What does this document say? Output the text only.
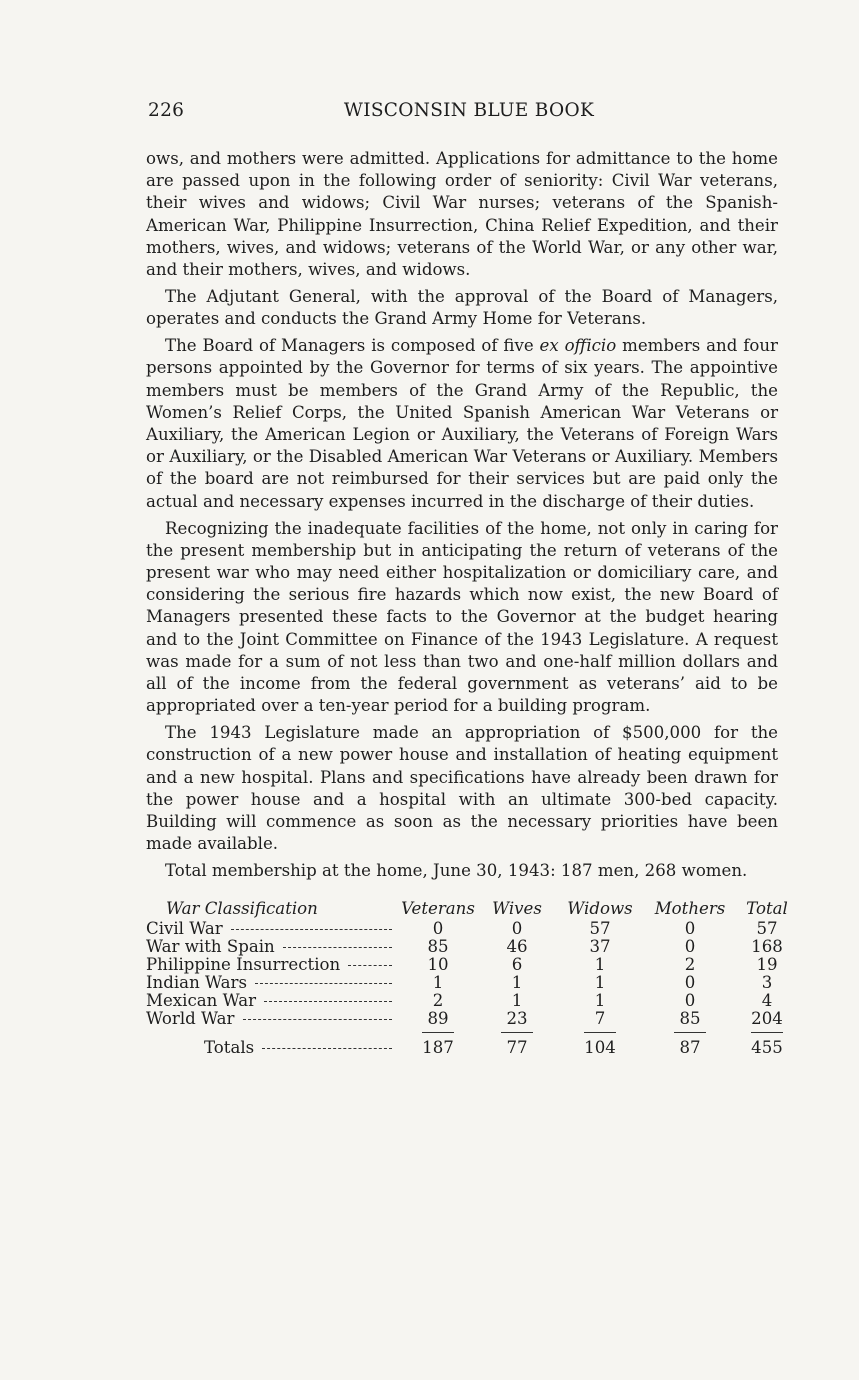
226	WISCONSIN BLUE BOOK

ows, and mothers were admitted. Applications for admittance to the home are passed upon in the following order of seniority: Civil War veterans, their wives and widows; Civil War nurses; veterans of the Spanish-American War, Philippine Insurrection, China Relief Expedition, and their mothers, wives, and widows; veterans of the World War, or any other war, and their mothers, wives, and widows.

The Adjutant General, with the approval of the Board of Managers, operates and conducts the Grand Army Home for Veterans.

The Board of Managers is composed of five ex officio members and four persons appointed by the Governor for terms of six years. The appointive members must be members of the Grand Army of the Republic, the Women’s Relief Corps, the United Spanish American War Veterans or Auxiliary, the American Legion or Auxiliary, the Veterans of Foreign Wars or Auxiliary, or the Disabled American War Veterans or Auxiliary. Members of the board are not reimbursed for their services but are paid only the actual and necessary expenses incurred in the discharge of their duties.

Recognizing the inadequate facilities of the home, not only in caring for the present membership but in anticipating the return of veterans of the present war who may need either hospitalization or domiciliary care, and considering the serious fire hazards which now exist, the new Board of Managers presented these facts to the Governor at the budget hearing and to the Joint Committee on Finance of the 1943 Legislature. A request was made for a sum of not less than two and one-half million dollars and all of the income from the federal government as veterans’ aid to be appropriated over a ten-year period for a building program.

The 1943 Legislature made an appropriation of $500,000 for the construction of a new power house and installation of heating equipment and a new hospital. Plans and specifications have already been drawn for the power house and a hospital with an ultimate 300-bed capacity. Building will commence as soon as the necessary priorities have been made available.

Total membership at the home, June 30, 1943: 187 men, 268 women.

War Classification	Veterans	Wives	Widows	Mothers	Total

Civil War	0	0	57	0	57

War with Spain	85	46	37	0	168

Philippine Insurrection	10	6	1	2	19

Indian Wars	1	1	1	0	3

Mexican War	2	1	1	0	4

World War	89	23	7	85	204

Totals	187	77	104	87	455
